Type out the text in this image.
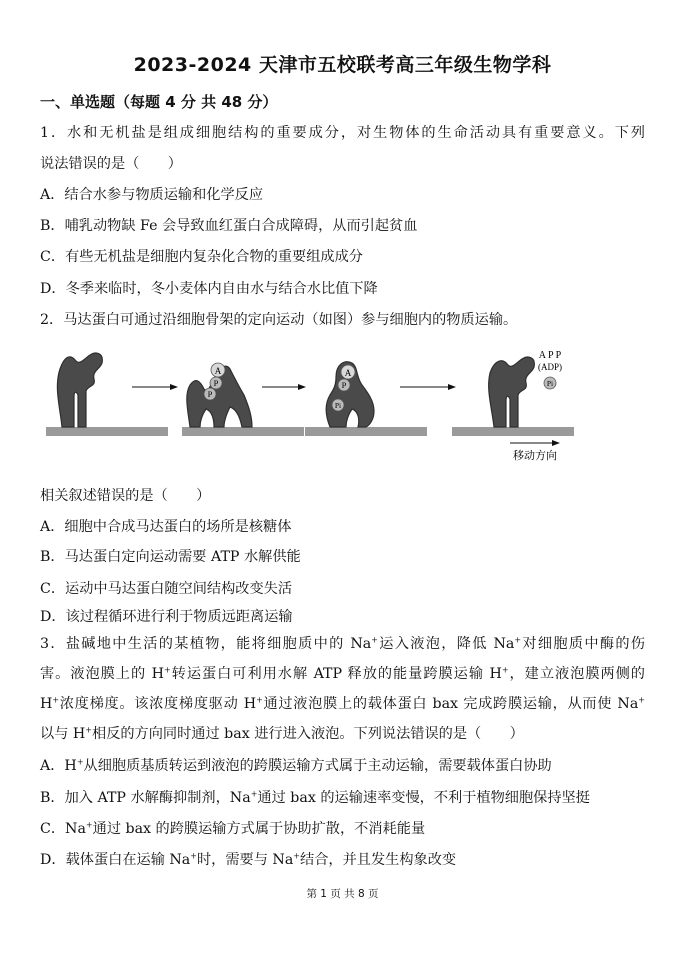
2023-2024 天津市五校联考高三年级生物学科
一、单选题（每题 4 分 共 48 分）
1．水和无机盐是组成细胞结构的重要成分，对生物体的生命活动具有重要意义。下列
说法错误的是（　　）
A．结合水参与物质运输和化学反应
B．哺乳动物缺 Fe 会导致血红蛋白合成障碍，从而引起贫血
C．有些无机盐是细胞内复杂化合物的重要组成成分
D．冬季来临时，冬小麦体内自由水与结合水比值下降
2．马达蛋白可通过沿细胞骨架的定向运动（如图）参与细胞内的物质运输。
A
P
P
A
P
Pi
A P P
(ADP)
Pi
移动方向
相关叙述错误的是（　　）
A．细胞中合成马达蛋白的场所是核糖体
B．马达蛋白定向运动需要 ATP 水解供能
C．运动中马达蛋白随空间结构改变失活
D．该过程循环进行利于物质远距离运输
3．盐碱地中生活的某植物，能将细胞质中的 Na+运入液泡，降低 Na+对细胞质中酶的伤
害。液泡膜上的 H+转运蛋白可利用水解 ATP 释放的能量跨膜运输 H+，建立液泡膜两侧的
H+浓度梯度。该浓度梯度驱动 H+通过液泡膜上的载体蛋白 bax 完成跨膜运输，从而使 Na+
以与 H+相反的方向同时通过 bax 进行进入液泡。下列说法错误的是（　　）
A．H+从细胞质基质转运到液泡的跨膜运输方式属于主动运输，需要载体蛋白协助
B．加入 ATP 水解酶抑制剂，Na+通过 bax 的运输速率变慢，不利于植物细胞保持坚挺
C．Na+通过 bax 的跨膜运输方式属于协助扩散，不消耗能量
D．载体蛋白在运输 Na+时，需要与 Na+结合，并且发生构象改变
第 1 页 共 8 页
